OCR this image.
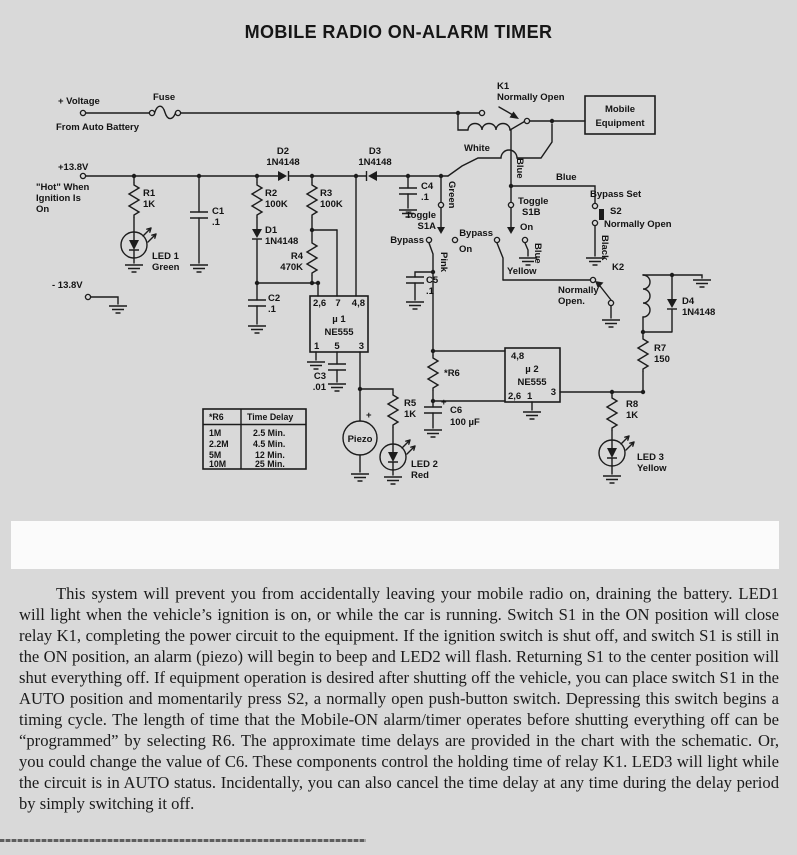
MOBILE RADIO ON-ALARM TIMER
+ Voltage
From Auto Battery
Fuse
K1
Normally Open
Mobile
Equipment
White
Blue	Blue
Green
Pink
Black
Blue
Yellow
+13.8V
"Hot" When
Ignition Is
On
- 13.8V
R1
1K
C1
.1
LED 1
Green
D2
1N4148
D3
1N4148
R2
100K
R3
100K
D1
1N4148
R4
470K
C2
.1
C4
.1
Toggle
S1A
Bypass
On
Toggle
S1B
Bypass
On
Bypass Set
S2
Normally Open
C5
.1
K2
Normally
Open.	D4
1N4148
2,6 7 4,8
µ 1
NE555
1 5 3
C3
.01
*R6
4,8
µ 2
NE555
3
2,6 1
+
C6
100 µF
R5
1K
+
Piezo
LED 2
Red
R7
150
R8
1K
LED 3
Yellow
*R6	Time Delay
1M	2.5 Min.
2.2M	4.5 Min.
5M	12 Min.
10M	25 Min.

This system will prevent you from accidentally leaving your mobile radio on, draining the battery. LED1 will light when the vehicle’s ignition is on, or while the car is running. Switch S1 in the ON position will close relay K1, completing the power circuit to the equipment. If the ignition switch is shut off, and switch S1 is still in the ON position, an alarm (piezo) will begin to beep and LED2 will flash. Returning S1 to the center position will shut everything off. If equipment operation is desired after shutting off the vehicle, you can place switch S1 in the AUTO position and momentarily press S2, a normally open push-button switch. Depressing this switch begins a timing cycle. The length of time that the Mobile-ON alarm/timer operates before shutting everything off can be “programmed” by selecting R6. The approximate time delays are provided in the chart with the schematic. Or, you could change the value of C6. These components control the holding time of relay K1. LED3 will light while the circuit is in AUTO status. Incidentally, you can also cancel the time delay at any time during the delay period by simply switching it off.
